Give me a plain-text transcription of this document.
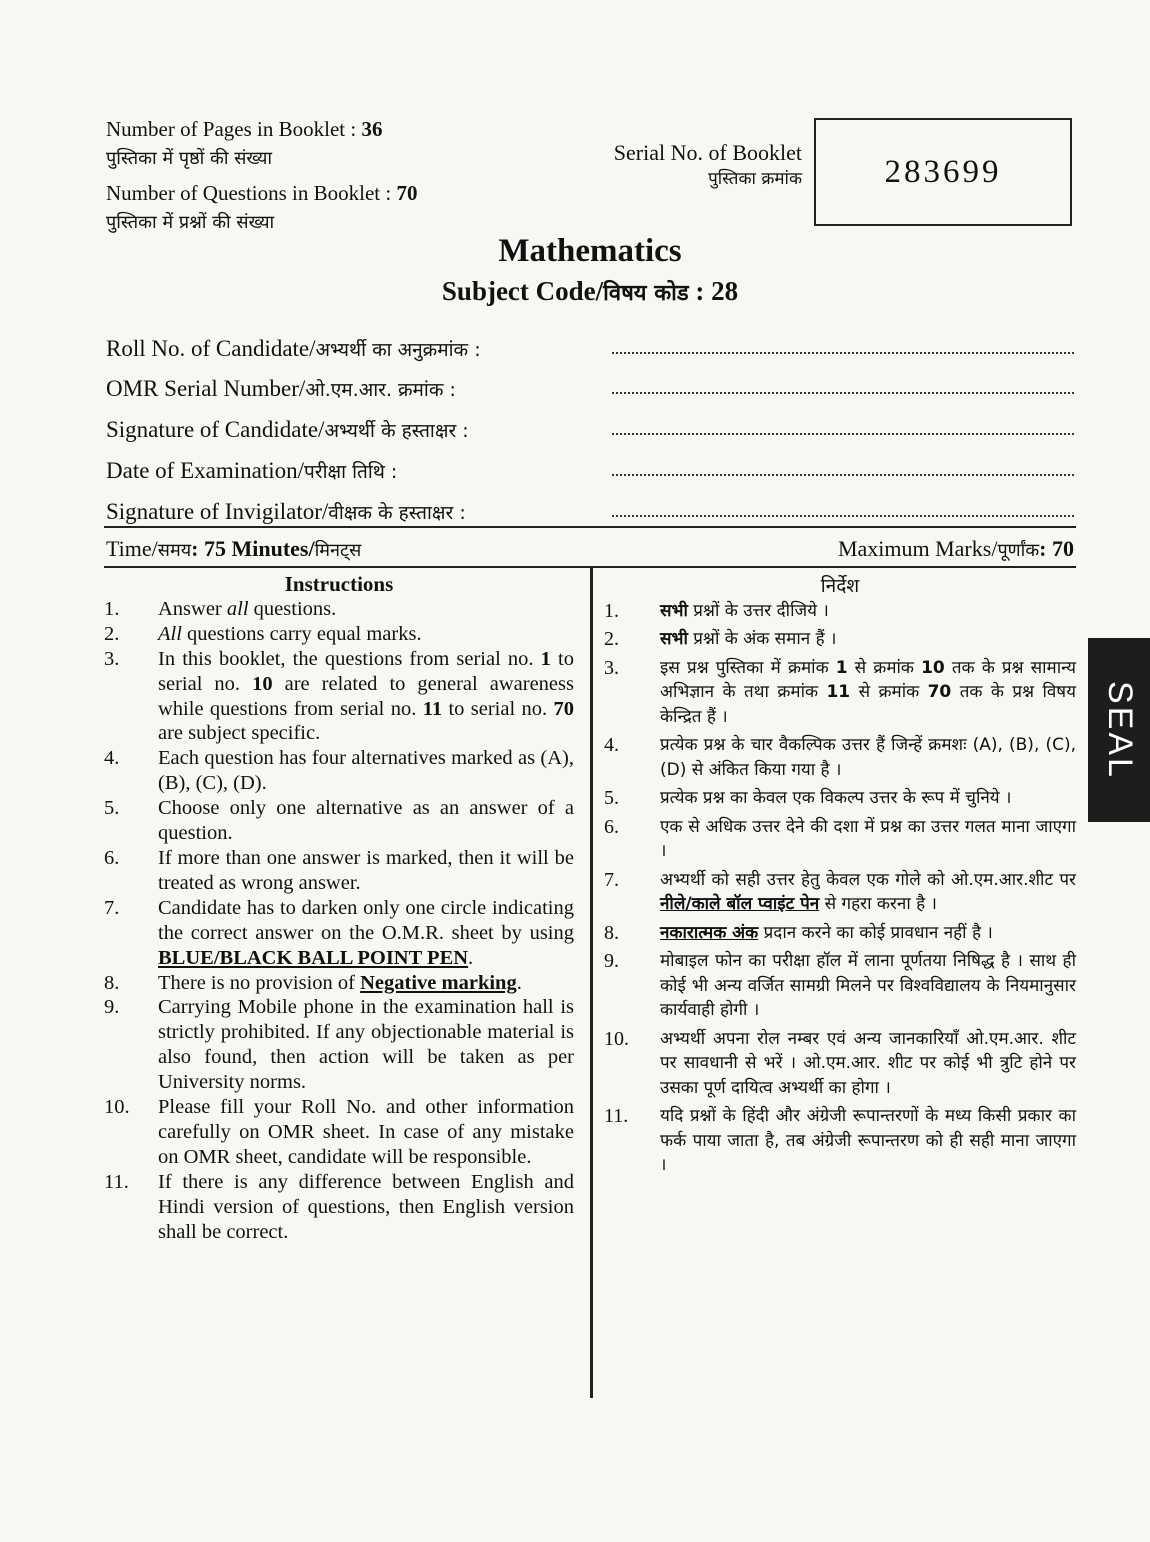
Number of Pages in Booklet : 36
पुस्तिका में पृष्ठों की संख्या
Number of Questions in Booklet : 70
पुस्तिका में प्रश्नों की संख्या
Serial No. of Booklet
पुस्तिका क्रमांक	283699
Mathematics
Subject Code/विषय कोड : 28
Roll No. of Candidate/अभ्यर्थी का अनुक्रमांक :
OMR Serial Number/ओ.एम.आर. क्रमांक :
Signature of Candidate/अभ्यर्थी के हस्ताक्षर :
Date of Examination/परीक्षा तिथि :
Signature of Invigilator/वीक्षक के हस्ताक्षर :
Time/समय: 75 Minutes/मिनट्स	Maximum Marks/पूर्णांक: 70
Instructions
1.	Answer all questions.
2.	All questions carry equal marks.
3.	In this booklet, the questions from serial no. 1 to serial no. 10 are related to general awareness while questions from serial no. 11 to serial no. 70 are subject specific.
4.	Each question has four alternatives marked as (A), (B), (C), (D).
5.	Choose only one alternative as an answer of a question.
6.	If more than one answer is marked, then it will be treated as wrong answer.
7.	Candidate has to darken only one circle indicating the correct answer on the O.M.R. sheet by using BLUE/BLACK BALL POINT PEN.
8.	There is no provision of Negative marking.
9.	Carrying Mobile phone in the examination hall is strictly prohibited. If any objectionable material is also found, then action will be taken as per University norms.
10.	Please fill your Roll No. and other information carefully on OMR sheet. In case of any mistake on OMR sheet, candidate will be responsible.
11.	If there is any difference between English and Hindi version of questions, then English version shall be correct.
निर्देश
1.	सभी प्रश्नों के उत्तर दीजिये ।
2.	सभी प्रश्नों के अंक समान हैं ।
3.	इस प्रश्न पुस्तिका में क्रमांक 1 से क्रमांक 10 तक के प्रश्न सामान्य अभिज्ञान के तथा क्रमांक 11 से क्रमांक 70 तक के प्रश्न विषय केन्द्रित हैं ।
4.	प्रत्येक प्रश्न के चार वैकल्पिक उत्तर हैं जिन्हें क्रमशः (A), (B), (C), (D) से अंकित किया गया है ।
5.	प्रत्येक प्रश्न का केवल एक विकल्प उत्तर के रूप में चुनिये ।
6.	एक से अधिक उत्तर देने की दशा में प्रश्न का उत्तर गलत माना जाएगा ।
7.	अभ्यर्थी को सही उत्तर हेतु केवल एक गोले को ओ.एम.आर.शीट पर नीले/काले बॉल प्वाइंट पेन से गहरा करना है ।
8.	नकारात्मक अंक प्रदान करने का कोई प्रावधान नहीं है ।
9.	मोबाइल फोन का परीक्षा हॉल में लाना पूर्णतया निषिद्ध है । साथ ही कोई भी अन्य वर्जित सामग्री मिलने पर विश्वविद्यालय के नियमानुसार कार्यवाही होगी ।
10.	अभ्यर्थी अपना रोल नम्बर एवं अन्य जानकारियाँ ओ.एम.आर. शीट पर सावधानी से भरें । ओ.एम.आर. शीट पर कोई भी त्रुटि होने पर उसका पूर्ण दायित्व अभ्यर्थी का होगा ।
11.	यदि प्रश्नों के हिंदी और अंग्रेजी रूपान्तरणों के मध्य किसी प्रकार का फर्क पाया जाता है, तब अंग्रेजी रूपान्तरण को ही सही माना जाएगा ।
SEAL
